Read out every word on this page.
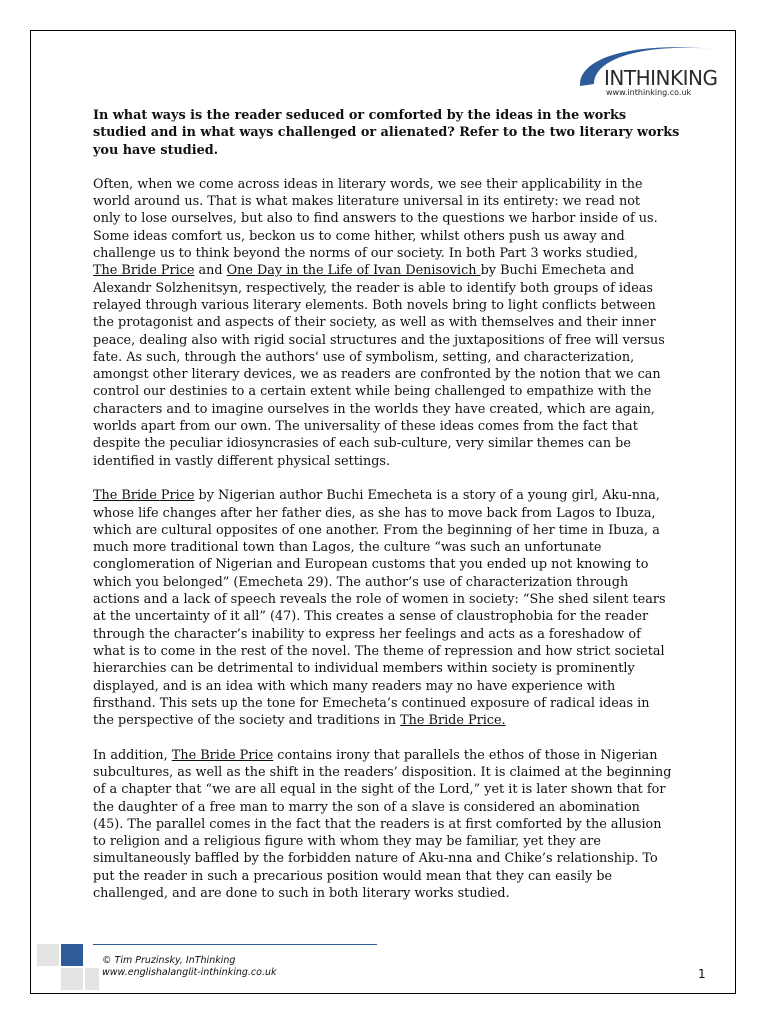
INTHINKING
www.inthinking.co.uk
In what ways is the reader seduced or comforted by the ideas in the works
studied and in what ways challenged or alienated? Refer to the two literary works
you have studied.
Often, when we come across ideas in literary words, we see their applicability in the
world around us. That is what makes literature universal in its entirety: we read not
only to lose ourselves, but also to find answers to the questions we harbor inside of us.
Some ideas comfort us, beckon us to come hither, whilst others push us away and
challenge us to think beyond the norms of our society. In both Part 3 works studied,
The Bride Price and One Day in the Life of Ivan Denisovich by Buchi Emecheta and
Alexandr Solzhenitsyn, respectively, the reader is able to identify both groups of ideas
relayed through various literary elements. Both novels bring to light conflicts between
the protagonist and aspects of their society, as well as with themselves and their inner
peace, dealing also with rigid social structures and the juxtapositions of free will versus
fate. As such, through the authors' use of symbolism, setting, and characterization,
amongst other literary devices, we as readers are confronted by the notion that we can
control our destinies to a certain extent while being challenged to empathize with the
characters and to imagine ourselves in the worlds they have created, which are again,
worlds apart from our own. The universality of these ideas comes from the fact that
despite the peculiar idiosyncrasies of each sub-culture, very similar themes can be
identified in vastly different physical settings.
The Bride Price by Nigerian author Buchi Emecheta is a story of a young girl, Aku-nna,
whose life changes after her father dies, as she has to move back from Lagos to Ibuza,
which are cultural opposites of one another. From the beginning of her time in Ibuza, a
much more traditional town than Lagos, the culture “was such an unfortunate
conglomeration of Nigerian and European customs that you ended up not knowing to
which you belonged” (Emecheta 29). The author’s use of characterization through
actions and a lack of speech reveals the role of women in society: “She shed silent tears
at the uncertainty of it all” (47). This creates a sense of claustrophobia for the reader
through the character’s inability to express her feelings and acts as a foreshadow of
what is to come in the rest of the novel. The theme of repression and how strict societal
hierarchies can be detrimental to individual members within society is prominently
displayed, and is an idea with which many readers may no have experience with
firsthand. This sets up the tone for Emecheta’s continued exposure of radical ideas in
the perspective of the society and traditions in The Bride Price.
In addition, The Bride Price contains irony that parallels the ethos of those in Nigerian
subcultures, as well as the shift in the readers’ disposition. It is claimed at the beginning
of a chapter that “we are all equal in the sight of the Lord,” yet it is later shown that for
the daughter of a free man to marry the son of a slave is considered an abomination
(45). The parallel comes in the fact that the readers is at first comforted by the allusion
to religion and a religious figure with whom they may be familiar, yet they are
simultaneously baffled by the forbidden nature of Aku-nna and Chike’s relationship. To
put the reader in such a precarious position would mean that they can easily be
challenged, and are done to such in both literary works studied.
© Tim Pruzinsky, InThinking
www.englishalanglit-inthinking.co.uk	1
